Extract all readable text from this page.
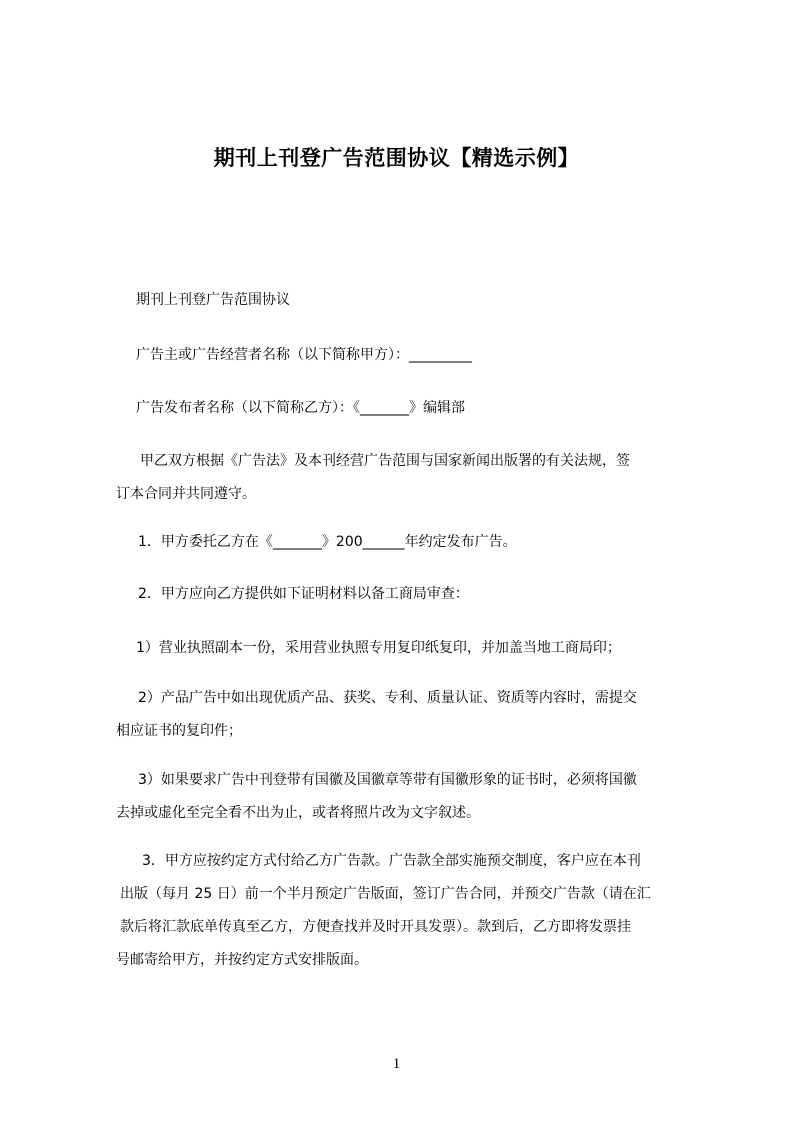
期刊上刊登广告范围协议【精选示例】
期刊上刊登广告范围协议
广告主或广告经营者名称（以下简称甲方）：_________
广告发布者名称（以下简称乙方）：《_______》编辑部
甲乙双方根据《广告法》及本刊经营广告范围与国家新闻出版署的有关法规，签
订本合同并共同遵守。
1．甲方委托乙方在《_______》200______年约定发布广告。
2．甲方应向乙方提供如下证明材料以备工商局审查：
1）营业执照副本一份，采用营业执照专用复印纸复印，并加盖当地工商局印；
2）产品广告中如出现优质产品、获奖、专利、质量认证、资质等内容时，需提交
相应证书的复印件；
3）如果要求广告中刊登带有国徽及国徽章等带有国徽形象的证书时，必须将国徽
去掉或虚化至完全看不出为止，或者将照片改为文字叙述。
3．甲方应按约定方式付给乙方广告款。广告款全部实施预交制度，客户应在本刊
出版（每月 25 日）前一个半月预定广告版面，签订广告合同，并预交广告款（请在汇
款后将汇款底单传真至乙方，方便查找并及时开具发票）。款到后，乙方即将发票挂
号邮寄给甲方，并按约定方式安排版面。
1
